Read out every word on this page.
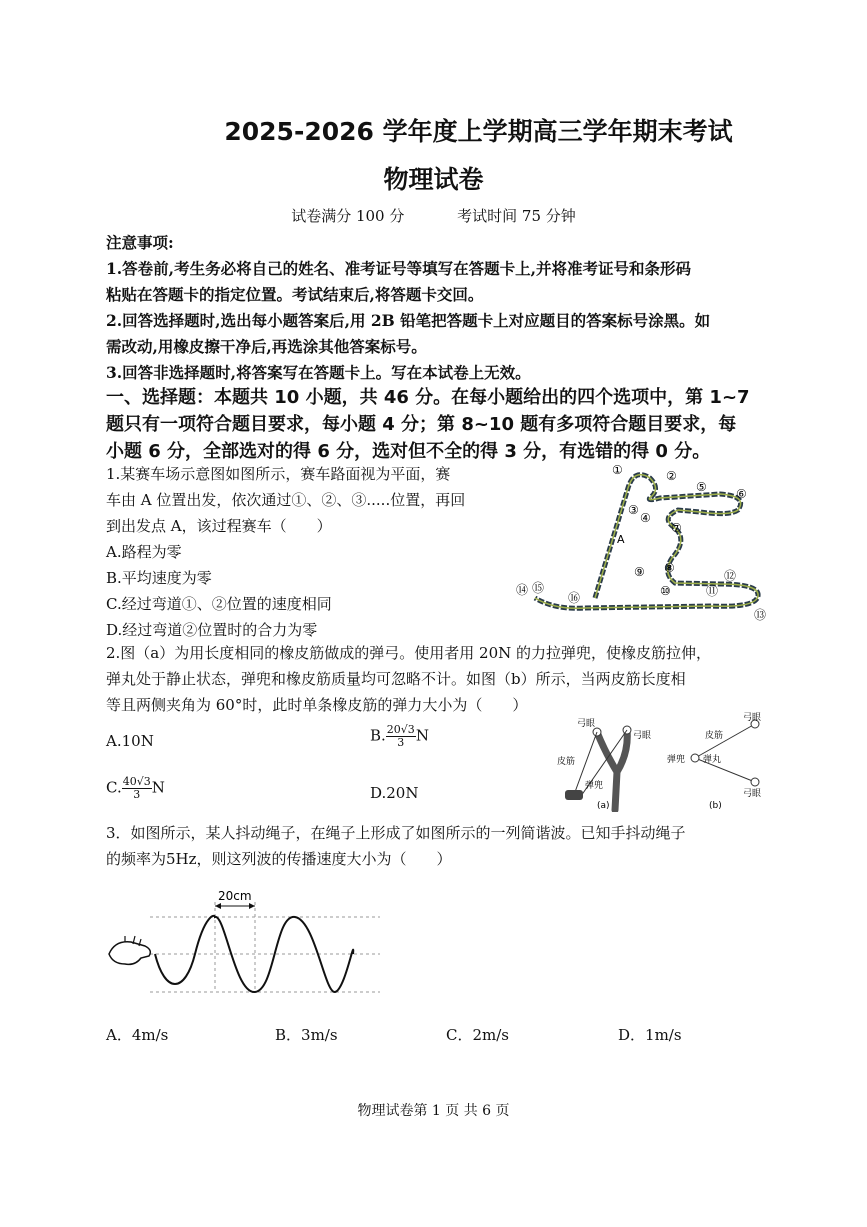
2025-2026 学年度上学期高三学年期末考试
物理试卷
试卷满分 100 分	考试时间 75 分钟
注意事项:
1.答卷前,考生务必将自己的姓名、准考证号等填写在答题卡上,并将准考证号和条形码
粘贴在答题卡的指定位置。考试结束后,将答题卡交回。
2.回答选择题时,选出每小题答案后,用 2B 铅笔把答题卡上对应题目的答案标号涂黑。如
需改动,用橡皮擦干净后,再选涂其他答案标号。
3.回答非选择题时,将答案写在答题卡上。写在本试卷上无效。
一、选择题：本题共 10 小题，共 46 分。在每小题给出的四个选项中，第 1~7
题只有一项符合题目要求，每小题 4 分；第 8~10 题有多项符合题目要求，每
小题 6 分，全部选对的得 6 分，选对但不全的得 3 分，有选错的得 0 分。
1.某赛车场示意图如图所示，赛车路面视为平面，赛
车由 A 位置出发，依次通过①、②、③.....位置，再回
到出发点 A，该过程赛车（　　）
A.路程为零
B.平均速度为零
C.经过弯道①、②位置的速度相同
D.经过弯道②位置时的合力为零
A
①	②
③
④
⑤ ⑥
⑦
⑧
⑨
⑩	⑪
⑫
⑬
⑭ ⑮
⑯
2.图（a）为用长度相同的橡皮筋做成的弹弓。使用者用 20N 的力拉弹兜，使橡皮筋拉伸，
弹丸处于静止状态，弹兜和橡皮筋质量均可忽略不计。如图（b）所示，当两皮筋长度相
等且两侧夹角为 60°时，此时单条橡皮筋的弹力大小为（　　）
A.10N	B. $\frac{20√3}{3}$ N
C. $\frac{40√3}{3}$ N	D.20N
弓眼
弓眼
皮筋
弹兜
(a)
弓眼
弓眼
皮筋
弹兜 弹丸
(b)
3．如图所示，某人抖动绳子，在绳子上形成了如图所示的一列简谐波。已知手抖动绳子
的频率为5Hz，则这列波的传播速度大小为（　　）
20cm
A．4m/s	B．3m/s	C．2m/s	D．1m/s
物理试卷第 1 页 共 6 页
